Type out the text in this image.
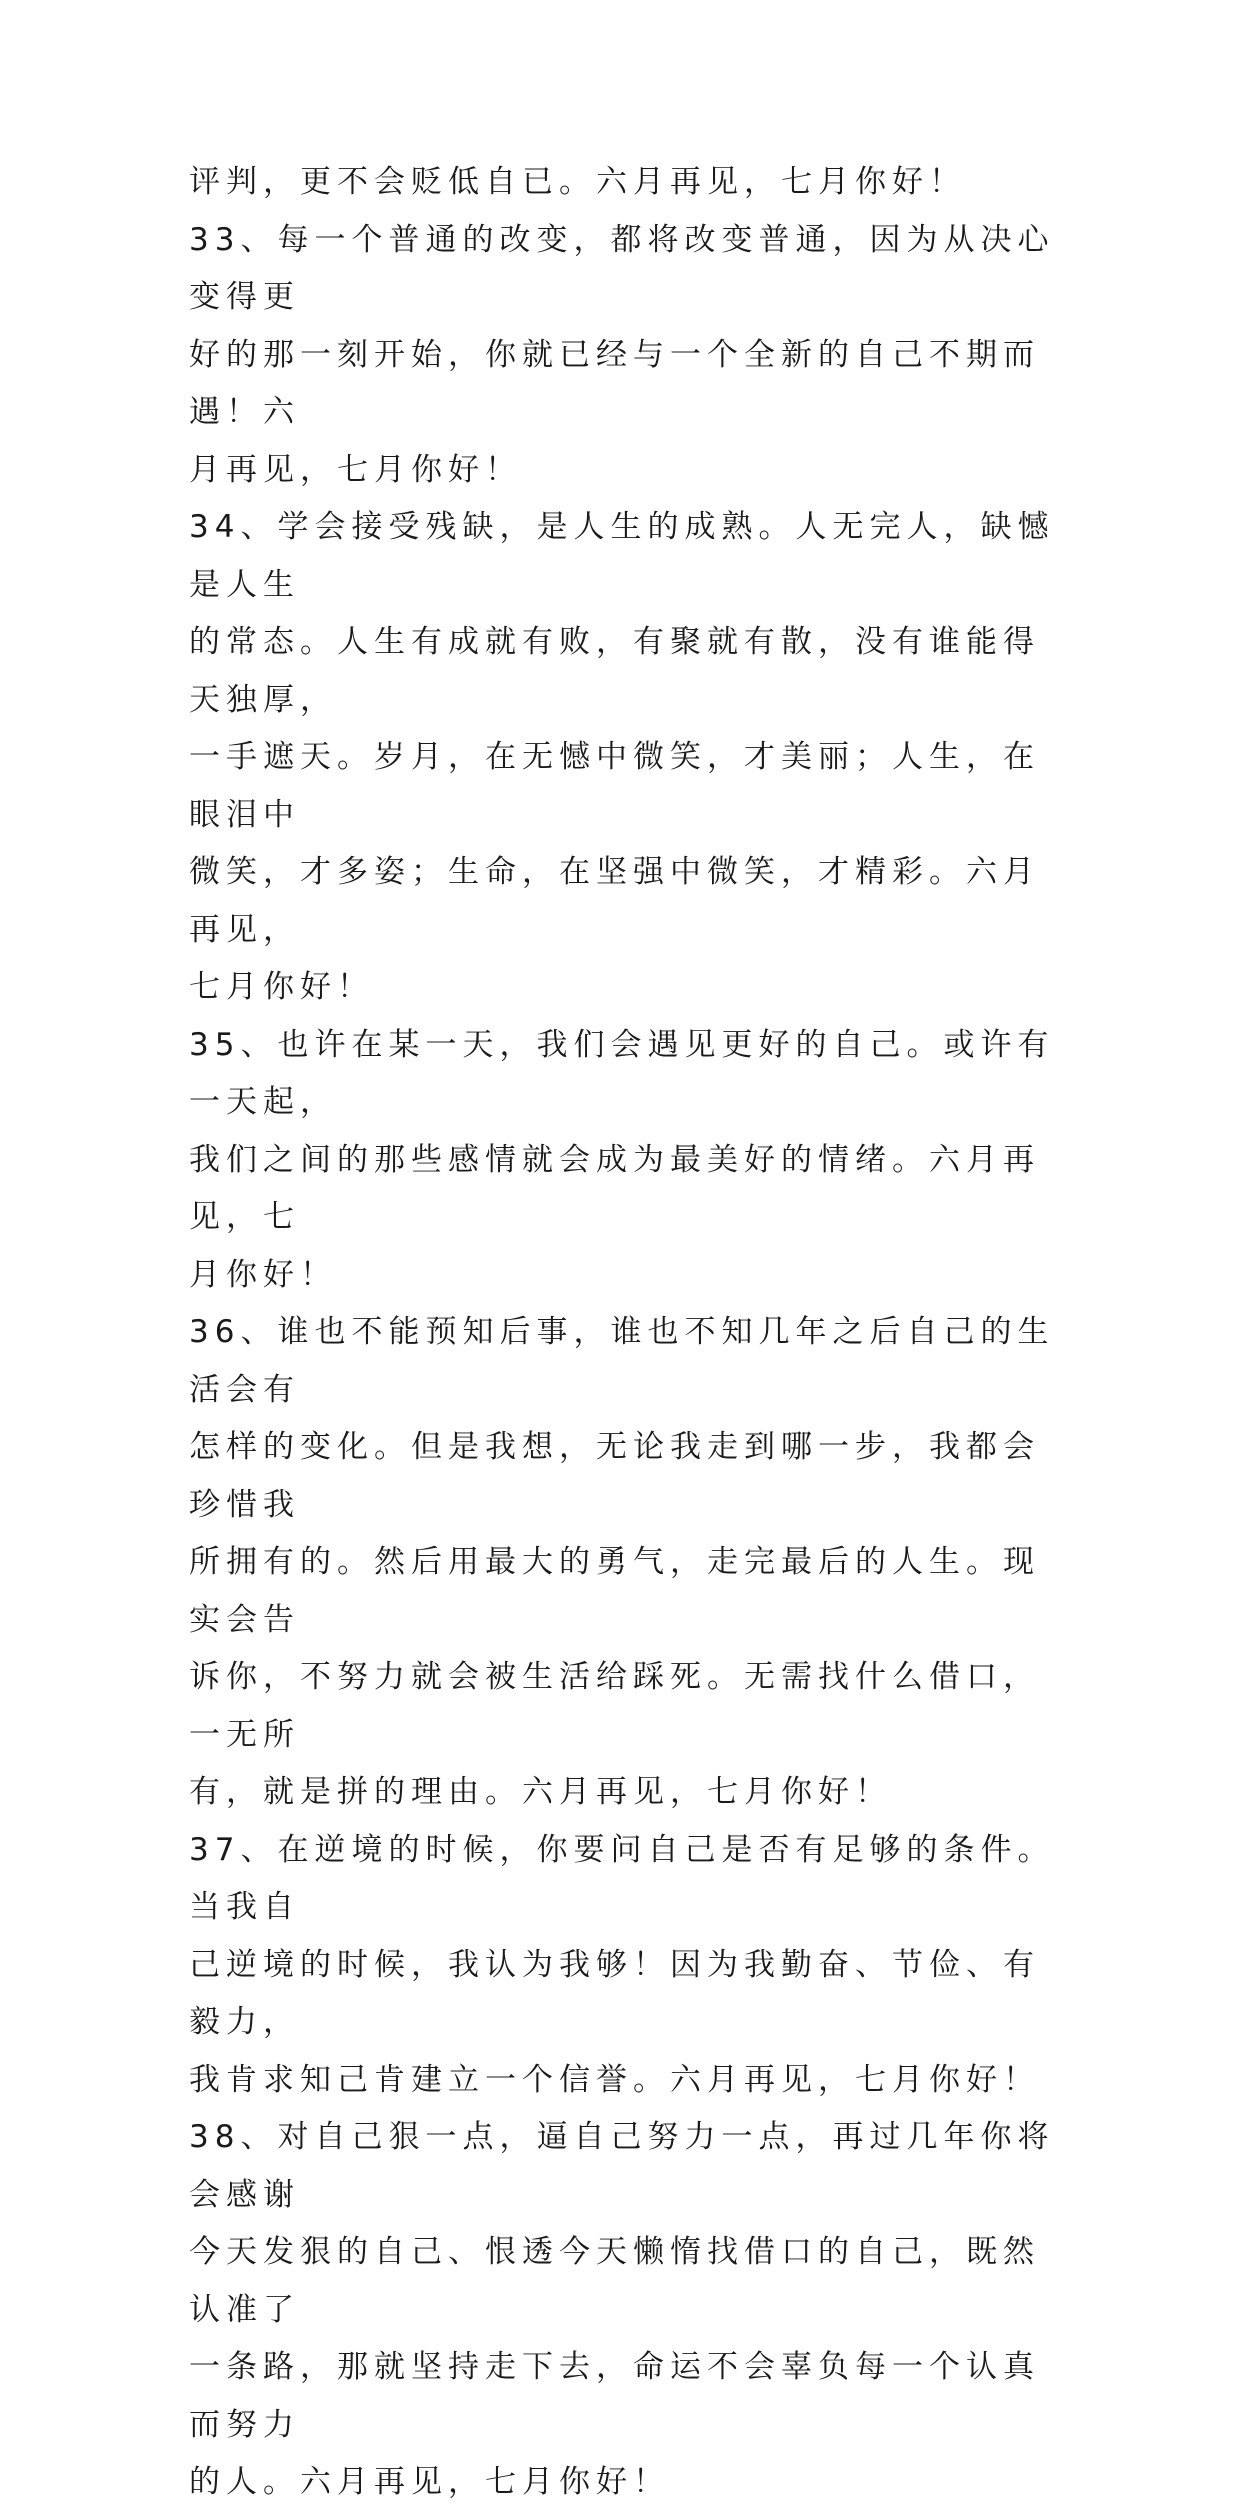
评判，更不会贬低自已。六月再见，七月你好！

33、每一个普通的改变，都将改变普通，因为从决心变得更
好的那一刻开始，你就已经与一个全新的自己不期而遇！六
月再见，七月你好！

34、学会接受残缺，是人生的成熟。人无完人，缺憾是人生
的常态。人生有成就有败，有聚就有散，没有谁能得天独厚，
一手遮天。岁月，在无憾中微笑，才美丽；人生，在眼泪中
微笑，才多姿；生命，在坚强中微笑，才精彩。六月再见，
七月你好！

35、也许在某一天，我们会遇见更好的自己。或许有一天起，
我们之间的那些感情就会成为最美好的情绪。六月再见，七
月你好！

36、谁也不能预知后事，谁也不知几年之后自己的生活会有
怎样的变化。但是我想，无论我走到哪一步，我都会珍惜我
所拥有的。然后用最大的勇气，走完最后的人生。现实会告
诉你，不努力就会被生活给踩死。无需找什么借口，一无所
有，就是拼的理由。六月再见，七月你好！

37、在逆境的时候，你要问自己是否有足够的条件。当我自
己逆境的时候，我认为我够！因为我勤奋、节俭、有毅力，
我肯求知己肯建立一个信誉。六月再见，七月你好！

38、对自己狠一点，逼自己努力一点，再过几年你将会感谢
今天发狠的自己、恨透今天懒惰找借口的自己，既然认准了
一条路，那就坚持走下去，命运不会辜负每一个认真而努力
的人。六月再见，七月你好！
